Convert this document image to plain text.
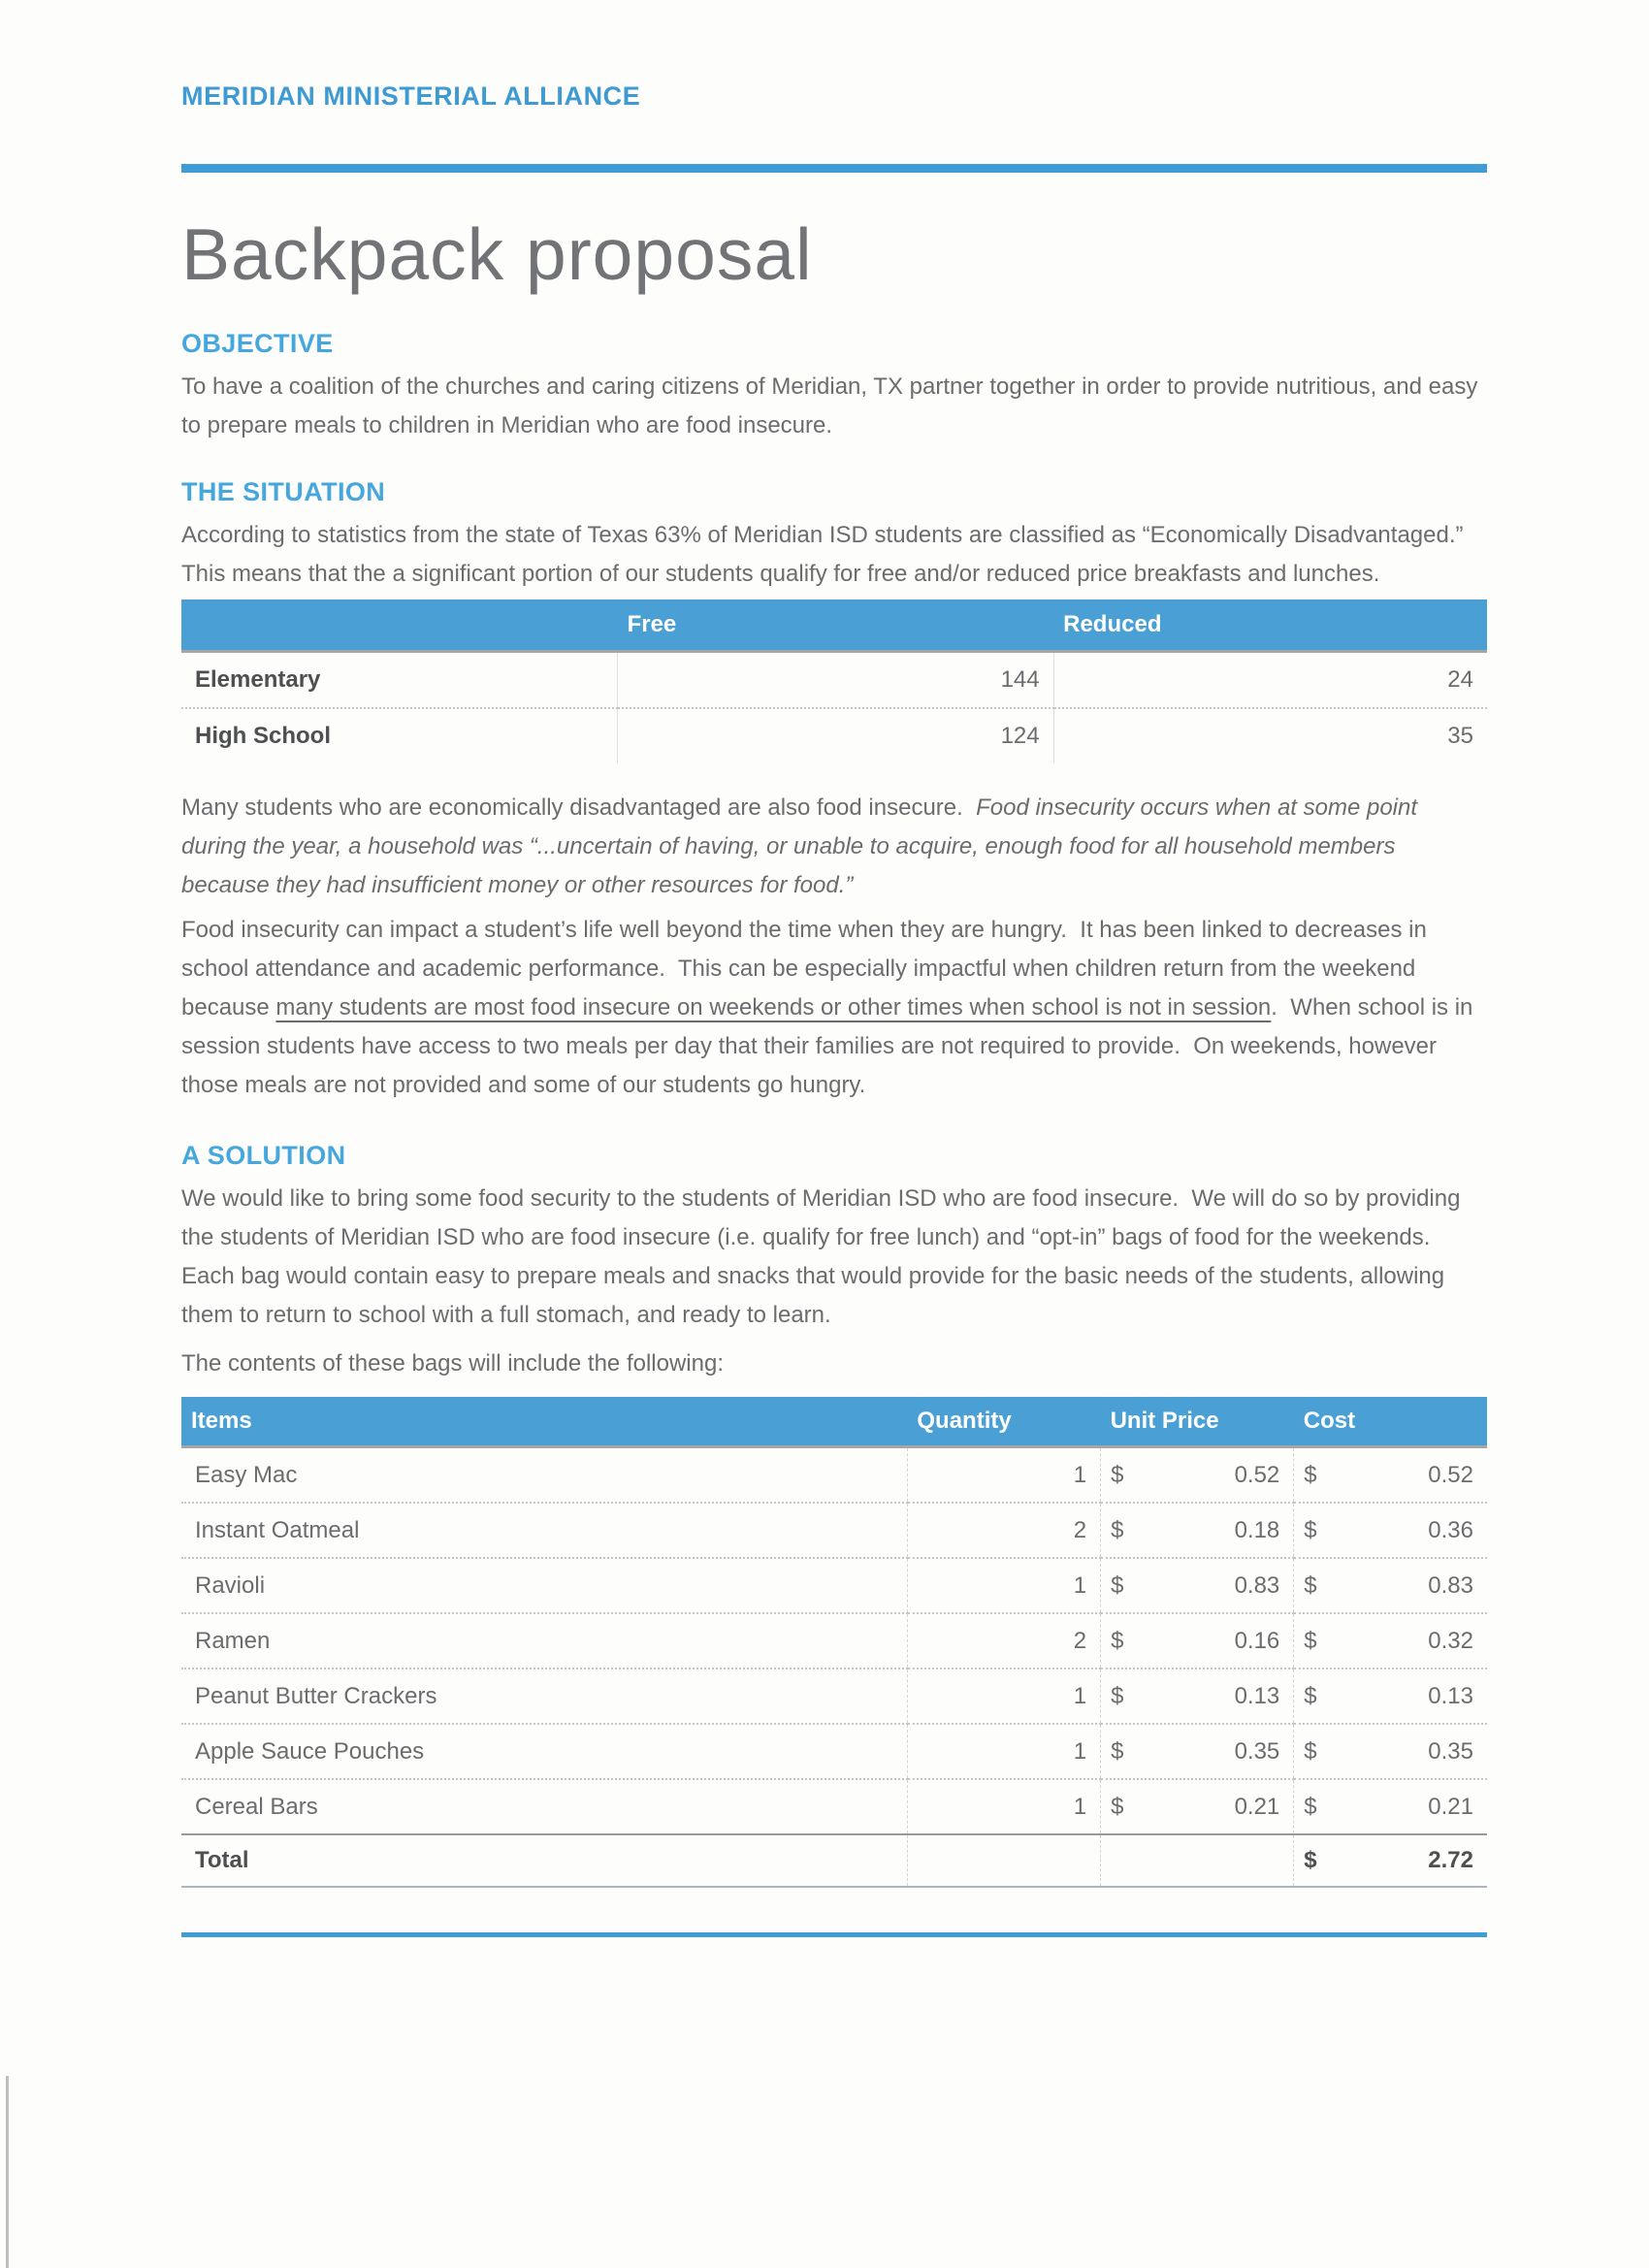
MERIDIAN MINISTERIAL ALLIANCE
Backpack proposal
OBJECTIVE

To have a coalition of the churches and caring citizens of Meridian, TX partner together in order to provide nutritious, and easy to prepare meals to children in Meridian who are food insecure.

THE SITUATION

According to statistics from the state of Texas 63% of Meridian ISD students are classified as “Economically Disadvantaged.”  This means that the a significant portion of our students qualify for free and/or reduced price breakfasts and lunches.

	Free	Reduced
Elementary	144	24
High School	124	35

Many students who are economically disadvantaged are also food insecure.  Food insecurity occurs when at some point during the year, a household was “...uncertain of having, or unable to acquire, enough food for all household members because they had insufficient money or other resources for food.”

Food insecurity can impact a student’s life well beyond the time when they are hungry.  It has been linked to decreases in school attendance and academic performance.  This can be especially impactful when children return from the weekend because many students are most food insecure on weekends or other times when school is not in session.  When school is in session students have access to two meals per day that their families are not required to provide.  On weekends, however those meals are not provided and some of our students go hungry.

A SOLUTION

We would like to bring some food security to the students of Meridian ISD who are food insecure.  We will do so by providing the students of Meridian ISD who are food insecure (i.e. qualify for free lunch) and “opt-in” bags of food for the weekends.  Each bag would contain easy to prepare meals and snacks that would provide for the basic needs of the students, allowing them to return to school with a full stomach, and ready to learn.

The contents of these bags will include the following:

Items	Quantity	Unit Price	Cost
Easy Mac	1	$ 0.52	$ 0.52

Instant Oatmeal	2	$ 0.18	$ 0.36

Ravioli	1	$ 0.83	$ 0.83

Ramen	2	$ 0.16	$ 0.32

Peanut Butter Crackers	1	$ 0.13	$ 0.13

Apple Sauce Pouches	1	$ 0.35	$ 0.35

Cereal Bars	1	$ 0.21	$ 0.21

Total			$ 2.72
